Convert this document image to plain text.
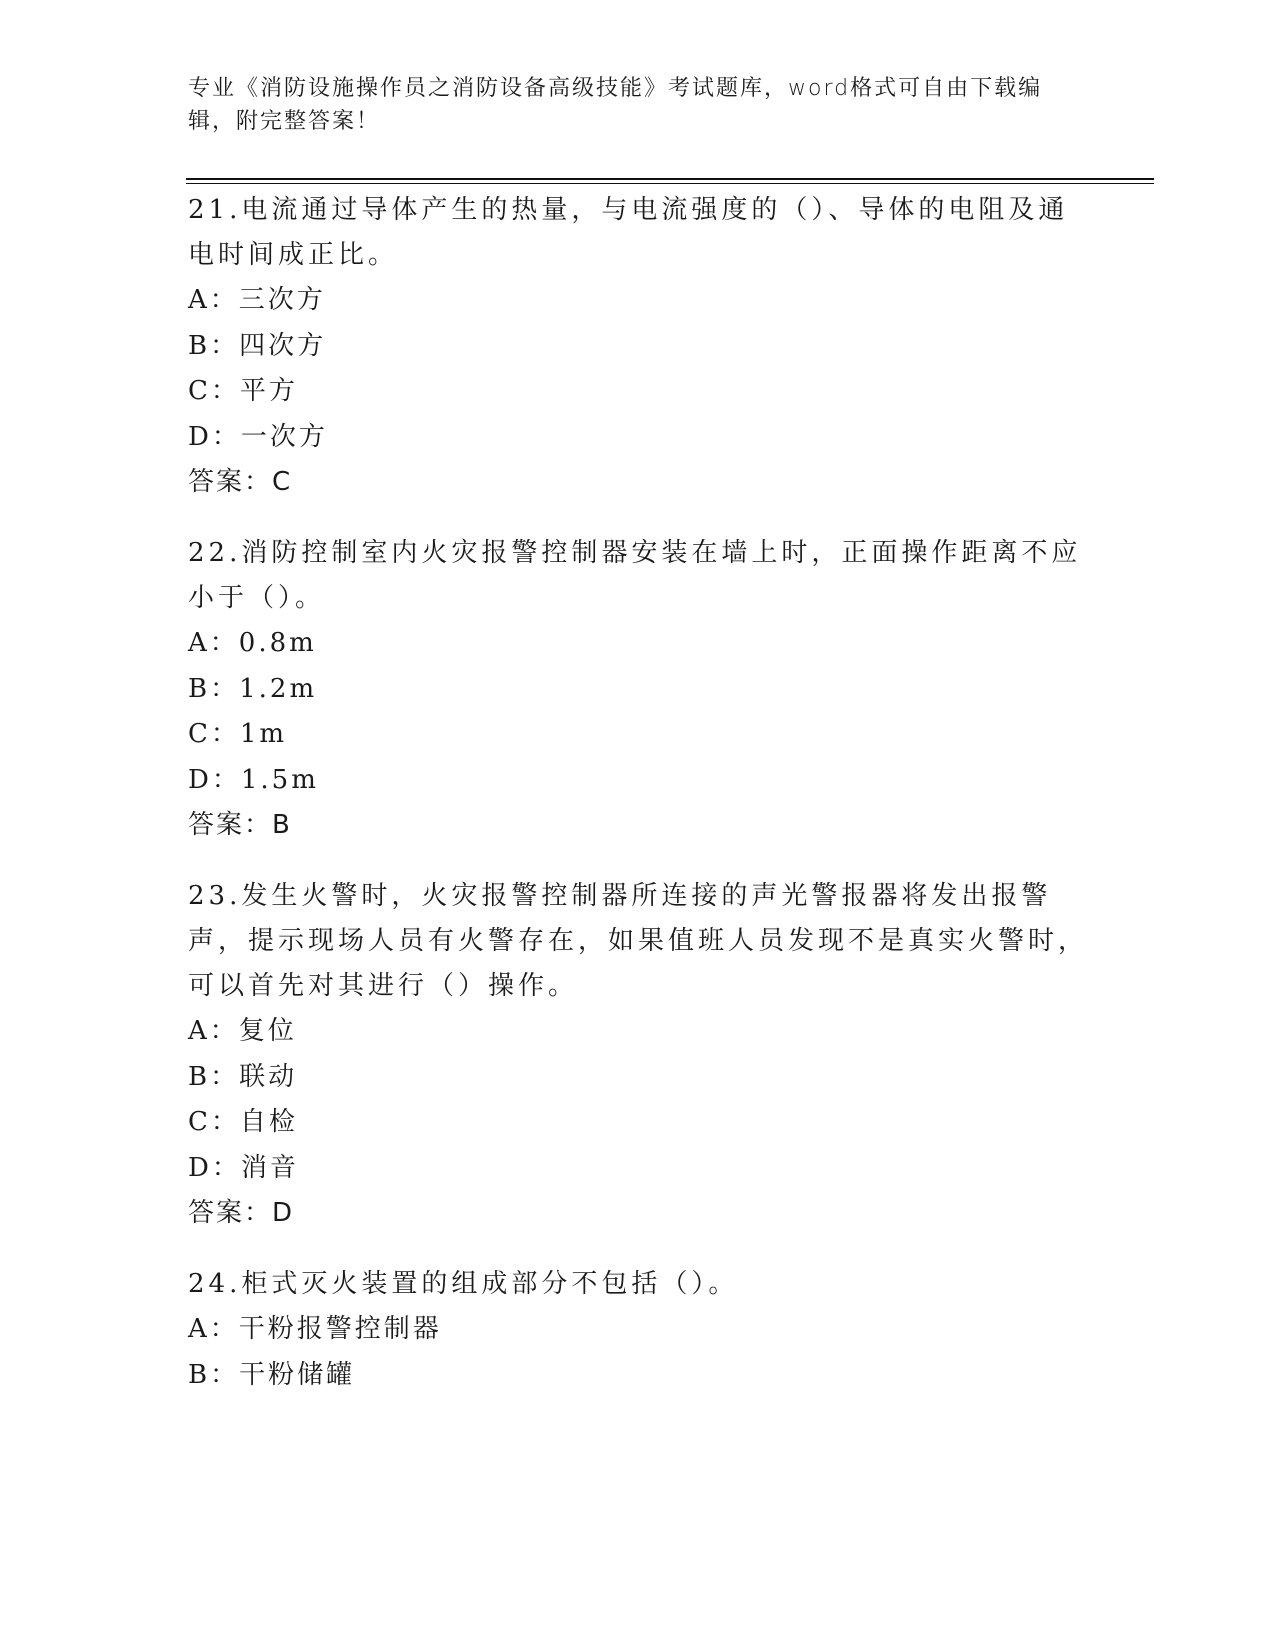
专业《消防设施操作员之消防设备高级技能》考试题库，word格式可自由下载编辑，附完整答案！

21.电流通过导体产生的热量，与电流强度的（）、导体的电阻及通电时间成正比。

A：三次方

B：四次方

C：平方

D：一次方

答案：C

22.消防控制室内火灾报警控制器安装在墙上时，正面操作距离不应小于（）。

A：0.8m

B：1.2m

C：1m

D：1.5m

答案：B

23.发生火警时，火灾报警控制器所连接的声光警报器将发出报警声，提示现场人员有火警存在，如果值班人员发现不是真实火警时，可以首先对其进行（）操作。

A：复位

B：联动

C：自检

D：消音

答案：D

24.柜式灭火装置的组成部分不包括（）。

A：干粉报警控制器

B：干粉储罐
